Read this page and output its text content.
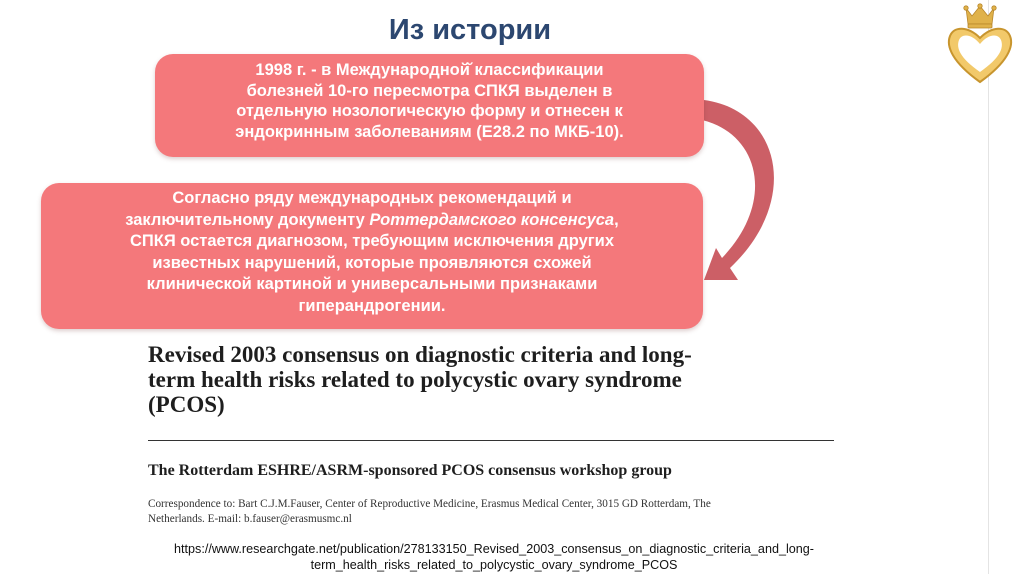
Из истории
1998 г. - в Международной̆ классификации
болезней 10-го пересмотра СПКЯ выделен в
отдельную нозологическую форму и отнесен к
эндокринным заболеваниям (Е28.2 по МКБ-10).
Согласно ряду международных рекомендаций и
заключительному документу Роттердамского консенсуса,
СПКЯ остается диагнозом, требующим исключения других
известных нарушений, которые проявляются схожей
клинической картиной и универсальными признаками
гиперандрогении.
Revised 2003 consensus on diagnostic criteria and long-
term health risks related to polycystic ovary syndrome
(PCOS)
The Rotterdam ESHRE/ASRM-sponsored PCOS consensus workshop group
Correspondence to: Bart C.J.M.Fauser, Center of Reproductive Medicine, Erasmus Medical Center, 3015 GD Rotterdam, The
Netherlands. E-mail: b.fauser@erasmusmc.nl
https://www.researchgate.net/publication/278133150_Revised_2003_consensus_on_diagnostic_criteria_and_long-
term_health_risks_related_to_polycystic_ovary_syndrome_PCOS
